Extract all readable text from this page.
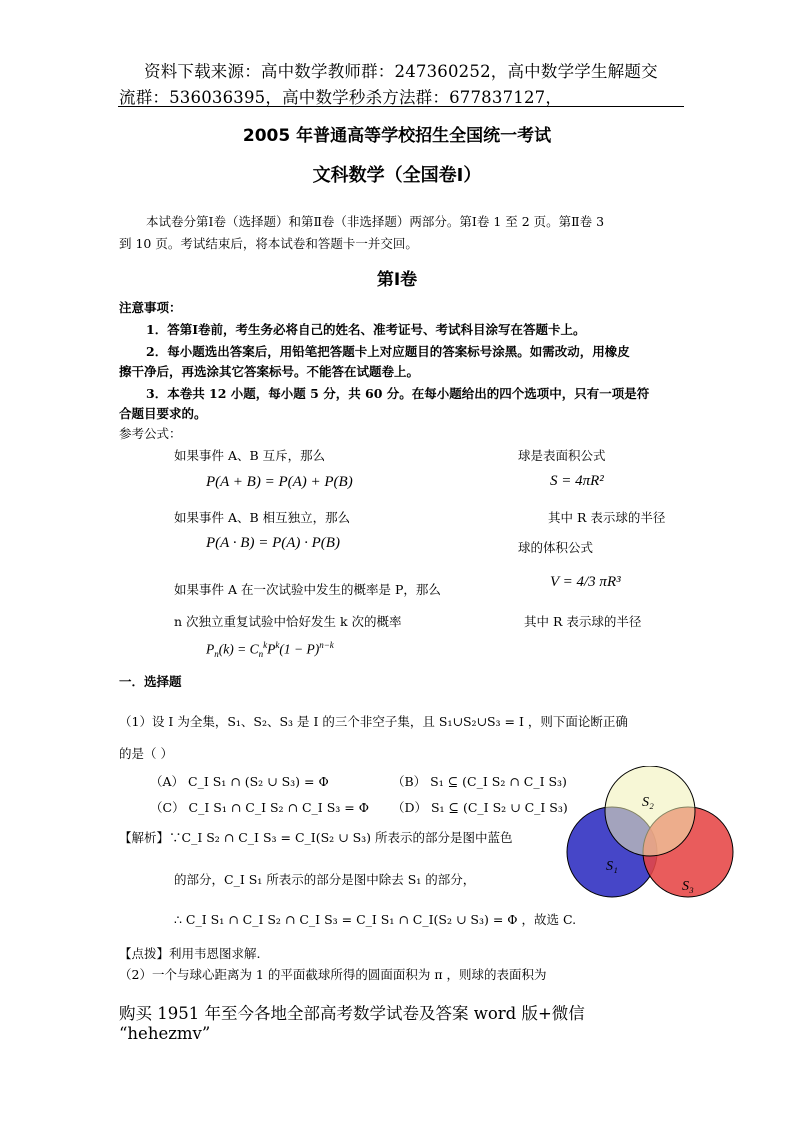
资料下载来源：高中数学教师群：247360252，高中数学学生解题交
流群：536036395，高中数学秒杀方法群：677837127，
2005 年普通高等学校招生全国统一考试
文科数学（全国卷Ⅰ）
本试卷分第Ⅰ卷（选择题）和第Ⅱ卷（非选择题）两部分。第Ⅰ卷 1 至 2 页。第Ⅱ卷 3
到 10 页。考试结束后，将本试卷和答题卡一并交回。
第Ⅰ卷
注意事项：
1．答第Ⅰ卷前，考生务必将自己的姓名、准考证号、考试科目涂写在答题卡上。
2．每小题选出答案后，用铅笔把答题卡上对应题目的答案标号涂黑。如需改动，用橡皮
擦干净后，再选涂其它答案标号。不能答在试题卷上。
3．本卷共 12 小题，每小题 5 分，共 60 分。在每小题给出的四个选项中，只有一项是符
合题目要求的。
参考公式：
如果事件 A、B 互斥，那么
P(A + B) = P(A) + P(B)
如果事件 A、B 相互独立，那么
P(A · B) = P(A) · P(B)
如果事件 A 在一次试验中发生的概率是 P，那么
n 次独立重复试验中恰好发生 k 次的概率
$P_n(k) = C_n^kP^k(1 - P)^{n-k}$
球是表面积公式
S = 4πR²
其中 R 表示球的半径
球的体积公式
V = 4/3 πR³
其中 R 表示球的半径
一．选择题
（1）设 I 为全集，S₁、S₂、S₃ 是 I 的三个非空子集，且 S₁∪S₂∪S₃ = I ，则下面论断正确
的是（ ）
（A） C_I S₁ ∩ (S₂ ∪ S₃) = Φ	（B） S₁ ⊆ (C_I S₂ ∩ C_I S₃)
（C） C_I S₁ ∩ C_I S₂ ∩ C_I S₃ = Φ （D） S₁ ⊆ (C_I S₂ ∪ C_I S₃)
【解析】∵C_I S₂ ∩ C_I S₃ = C_I(S₂ ∪ S₃) 所表示的部分是图中蓝色
的部分，C_I S₁ 所表示的部分是图中除去 S₁ 的部分，
∴ C_I S₁ ∩ C_I S₂ ∩ C_I S₃ = C_I S₁ ∩ C_I(S₂ ∪ S₃) = Φ ，故选 C.
【点拨】利用韦恩图求解.
S₂
S₁
S₃
（2）一个与球心距离为 1 的平面截球所得的圆面面积为 π ，则球的表面积为
购买 1951 年至今各地全部高考数学试卷及答案 word 版+微信
“hehezmv”
